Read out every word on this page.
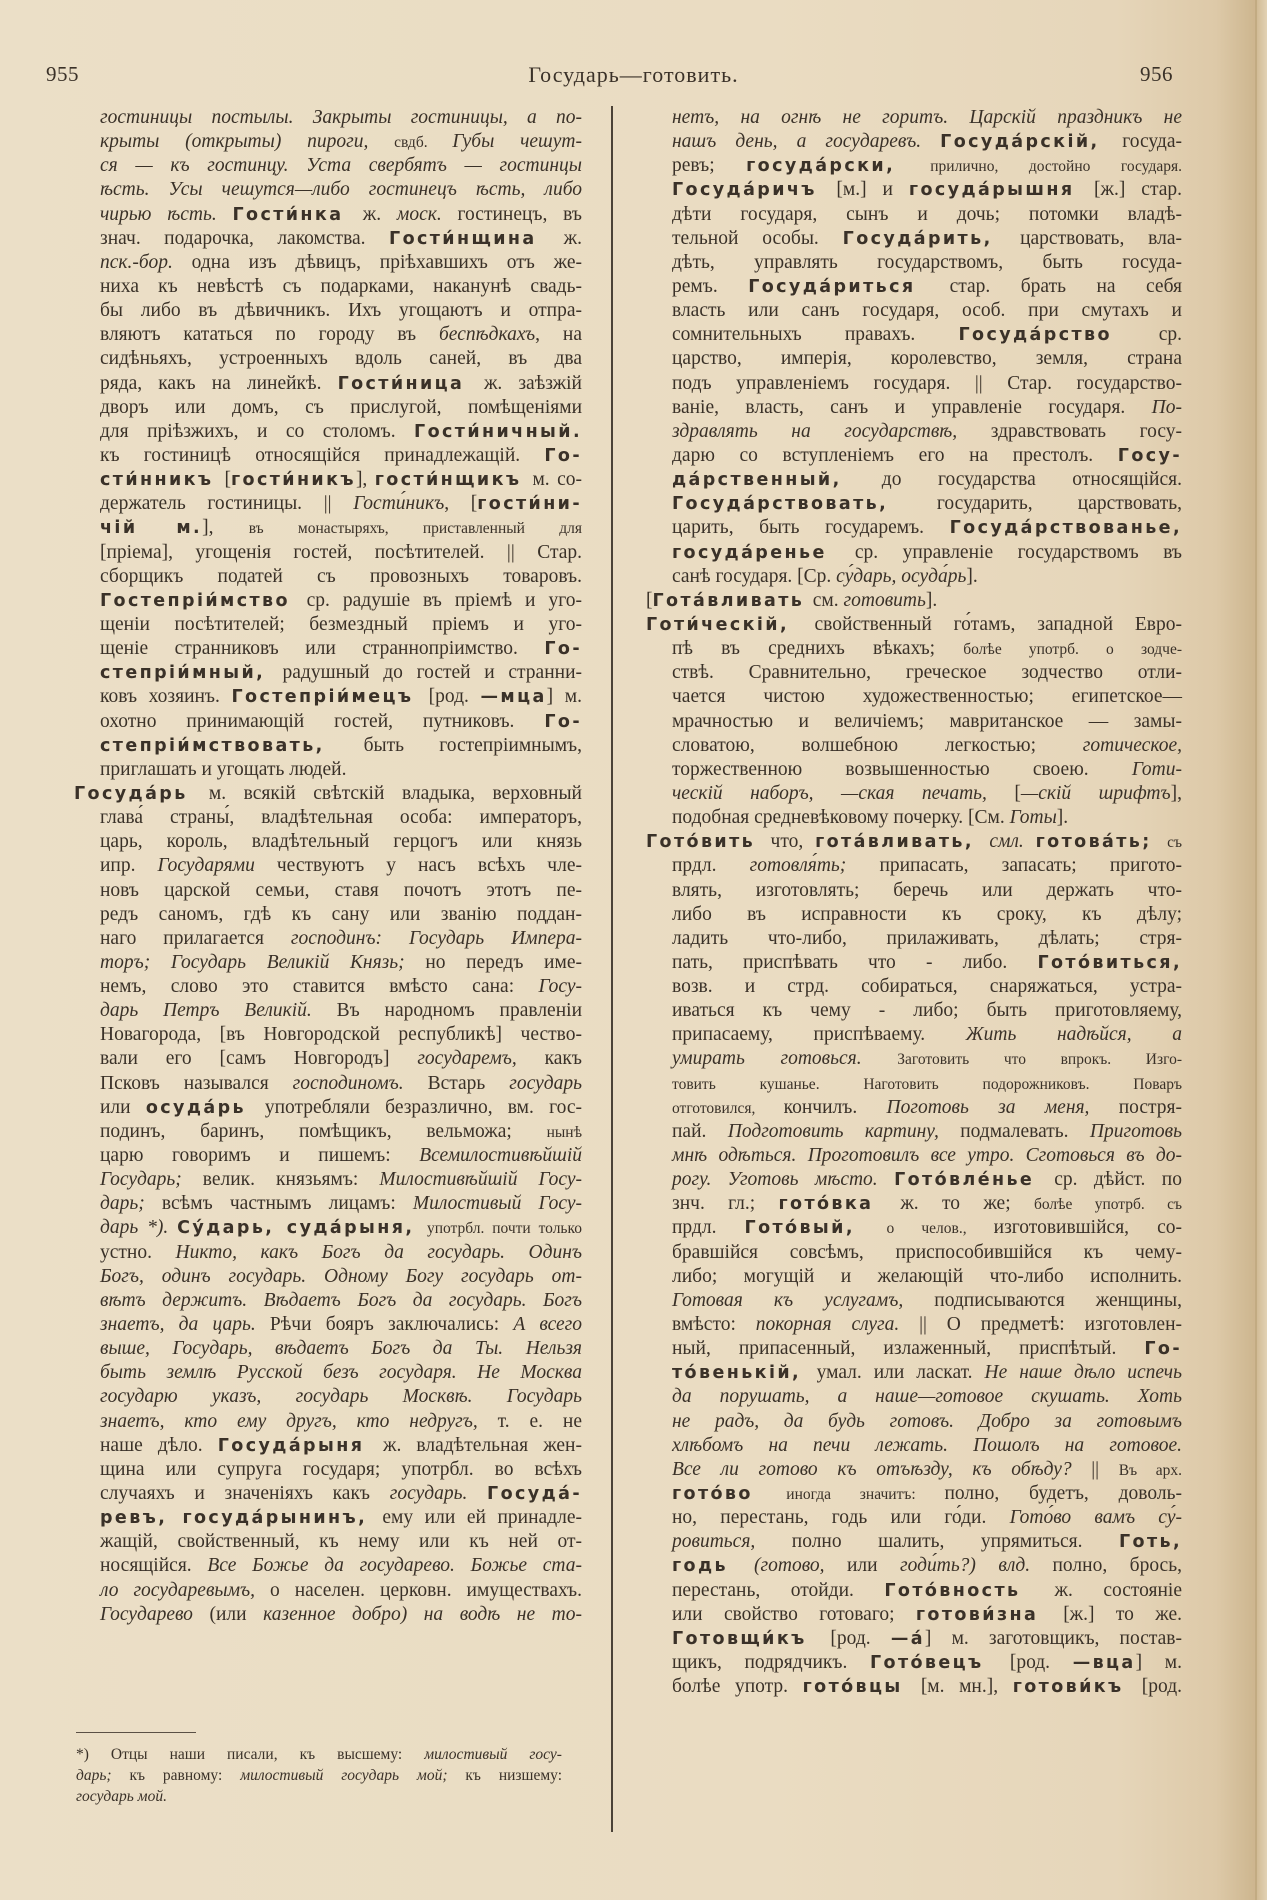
955	Государь—готовить.	956
гостиницы постылы. Закрыты гостиницы, а по-
крыты (открыты) пироги, свдб. Губы чешут-
ся — къ гостинцу. Уста свербятъ — гостинцы
ѣсть. Усы чешутся—либо гостинецъ ѣсть, либо
чирью ѣсть. Гости́нка ж. моск. гостинецъ, въ
знач. подарочка, лакомства. Гости́нщина ж.
пск.-бор. одна изъ дѣвицъ, пріѣхавшихъ отъ же-
ниха къ невѣстѣ съ подарками, наканунѣ свадь-
бы либо въ дѣвичникъ. Ихъ угощаютъ и отпра-
вляютъ кататься по городу въ беспѣдкахъ, на
сидѣньяхъ, устроенныхъ вдоль саней, въ два
ряда, какъ на линейкѣ. Гости́ница ж. заѣзжій
дворъ или домъ, съ прислугой, помѣщеніями
для пріѣзжихъ, и со столомъ. Гости́ничный.
къ гостиницѣ относящійся принадлежащій. Го-
сти́нникъ [гости́никъ], гости́нщикъ м. со-
держатель гостиницы. || Гости́никъ, [гости́ни-
чій м.], въ монастыряхъ, приставленный для
[пріема], угощенія гостей, посѣтителей. || Стар.
сборщикъ податей съ провозныхъ товаровъ.
Гостепріи́мство ср. радушіе въ пріемѣ и уго-
щеніи посѣтителей; безмездный пріемъ и уго-
щеніе странниковъ или страннопріимство. Го-
степріи́мный, радушный до гостей и странни-
ковъ хозяинъ. Гостепріи́мецъ [род. —мца] м.
охотно принимающій гостей, путниковъ. Го-
степріи́мствовать, быть гостепріимнымъ,
приглашать и угощать людей.
Госуда́рь м. всякій свѣтскій владыка, верховный
глава́ страны́, владѣтельная особа: императоръ,
царь, король, владѣтельный герцогъ или князь
ипр. Государями чествуютъ у насъ всѣхъ чле-
новъ царской семьи, ставя почотъ этотъ пе-
редъ саномъ, гдѣ къ сану или званію поддан-
наго прилагается господинъ: Государь Импера-
торъ; Государь Великій Князь; но передъ име-
немъ, слово это ставится вмѣсто сана: Госу-
дарь Петръ Великій. Въ народномъ правленіи
Новагорода, [въ Новгородской республикѣ] чество-
вали его [самъ Новгородъ] государемъ, какъ
Псковъ назывался господиномъ. Встарь государь
или осуда́рь употребляли безразлично, вм. гос-
подинъ, баринъ, помѣщикъ, вельможа; нынѣ
царю говоримъ и пишемъ: Всемилостивѣйшій
Государь; велик. князьямъ: Милостивѣйшій Госу-
дарь; всѣмъ частнымъ лицамъ: Милостивый Госу-
дарь *). Су́дарь, суда́рыня, употрбл. почти только
устно. Никто, какъ Богъ да государь. Одинъ
Богъ, одинъ государь. Одному Богу государь от-
вѣтъ держитъ. Вѣдаетъ Богъ да государь. Богъ
знаетъ, да царь. Рѣчи бояръ заключались: А всего
выше, Государь, вѣдаетъ Богъ да Ты. Нельзя
быть землѣ Русской безъ государя. Не Москва
государю указъ, государь Москвѣ. Государь
знаетъ, кто ему другъ, кто недругъ, т. е. не
наше дѣло. Госуда́рыня ж. владѣтельная жен-
щина или супруга государя; употрбл. во всѣхъ
случаяхъ и значеніяхъ какъ государь. Госуда́-
ревъ, госуда́рынинъ, ему или ей принадле-
жащій, свойственный, къ нему или къ ней от-
носящійся. Все Божье да государево. Божье ста-
ло государевымъ, о населен. церковн. имуществахъ.
Государево (или казенное добро) на водѣ не то-
нетъ, на огнѣ не горитъ. Царскій праздникъ не
нашъ день, а государевъ. Госуда́рскій, госуда-
ревъ; госуда́рски, прилично, достойно государя.
Госуда́ричъ [м.] и госуда́рышня [ж.] стар.
дѣти государя, сынъ и дочь; потомки владѣ-
тельной особы. Госуда́рить, царствовать, вла-
дѣть, управлять государствомъ, быть госуда-
ремъ. Госуда́риться стар. брать на себя
власть или санъ государя, особ. при смутахъ и
сомнительныхъ правахъ. Госуда́рство ср.
царство, имперія, королевство, земля, страна
подъ управленіемъ государя. || Стар. государство-
ваніе, власть, санъ и управленіе государя. По-
здравлять на государствѣ, здравствовать госу-
дарю со вступленіемъ его на престолъ. Госу-
да́рственный, до государства относящійся.
Госуда́рствовать, государить, царствовать,
царить, быть государемъ. Госуда́рствованье,
госуда́ренье ср. управленіе государствомъ въ
санѣ государя. [Ср. су́дарь, осуда́рь].
[Гота́вливать см. готовить].
Готи́ческій, свойственный го́тамъ, западной Евро-
пѣ въ среднихъ вѣкахъ; болѣе употрб. о зодче-
ствѣ. Сравнительно, греческое зодчество отли-
чается чистою художественностью; египетское—
мрачностью и величіемъ; мавританское — замы-
словатою, волшебною легкостью; готическое,
торжественною возвышенностью своею. Готи-
ческій наборъ, —ская печать, [—скій шрифтъ],
подобная средневѣковому почерку. [См. Готы].
Гото́вить что, гота́вливать, смл. готова́ть; съ
прдл. готовля́ть; припасать, запасать; пригото-
влять, изготовлять; беречь или держать что-
либо въ исправности къ сроку, къ дѣлу;
ладить что-либо, прилаживать, дѣлать; стря-
пать, приспѣвать что - либо. Гото́виться,
возв. и стрд. собираться, снаряжаться, устра-
иваться къ чему - либо; быть приготовляему,
припасаему, приспѣваему. Жить надѣйся, а
умирать готовься. Заготовить что впрокъ. Изго-
товить кушанье. Наготовить подорожниковъ. Поваръ
отготовился, кончилъ. Поготовь за меня, постря-
пай. Подготовить картину, подмалевать. Приготовь
мнѣ одѣться. Проготовилъ все утро. Сготовься въ до-
рогу. Уготовь мѣсто. Гото́вле́нье ср. дѣйст. по
знч. гл.; гото́вка ж. то же; болѣе употрб. съ
прдл. Гото́вый, о челов., изготовившійся, со-
бравшійся совсѣмъ, приспособившійся къ чему-
либо; могущій и желающій что-либо исполнить.
Готовая къ услугамъ, подписываются женщины,
вмѣсто: покорная слуга. || О предметѣ: изготовлен-
ный, припасенный, излаженный, приспѣтый. Го-
то́венькій, умал. или ласкат. Не наше дѣло испечь
да порушать, а наше—готовое скушать. Хоть
не радъ, да будь готовъ. Добро за готовымъ
хлѣбомъ на печи лежать. Пошолъ на готовое.
Все ли готово къ отъѣзду, къ обѣду? || Въ арх.
гото́во иногда значитъ: полно, будетъ, доволь-
но, перестань, годь или го́ди. Гото́во вамъ су́-
ровиться, полно шалить, упрямиться. Готь,
годь (готово, или годи́ть?) влд. полно, брось,
перестань, отойди. Гото́вность ж. состояніе
или свойство готоваго; готови́зна [ж.] то же.
Готовщи́къ [род. —а́] м. заготовщикъ, постав-
щикъ, подрядчикъ. Гото́вецъ [род. —вца] м.
болѣе употр. гото́вцы [м. мн.], готови́къ [род.
*) Отцы наши писали, къ высшему: милостивый госу-
дарь; къ равному: милостивый государь мой; къ низшему:
государь мой.
